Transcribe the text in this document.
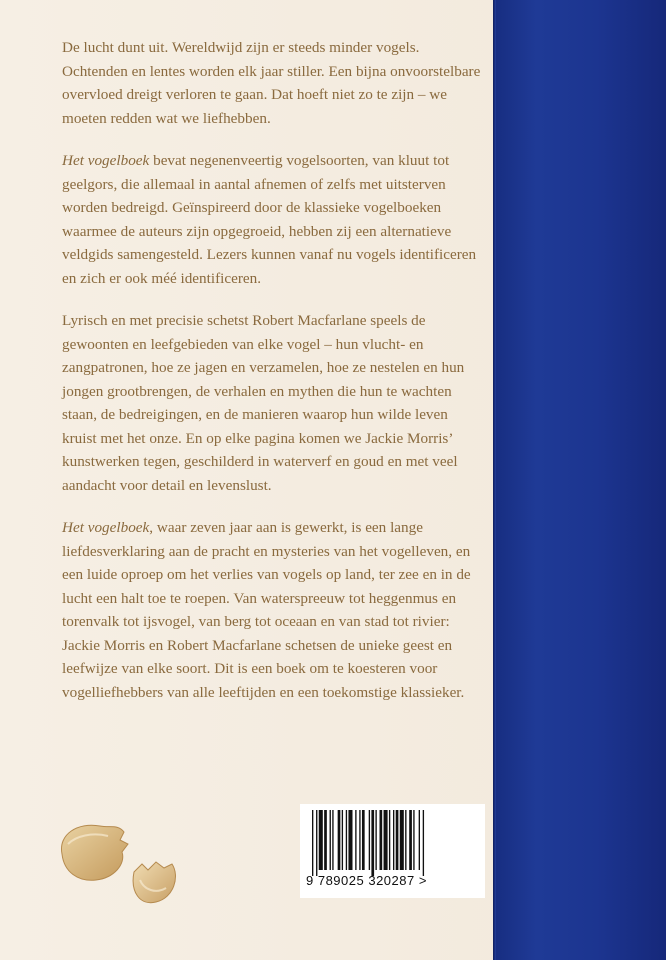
De lucht dunt uit. Wereldwijd zijn er steeds minder vogels. Ochtenden en lentes worden elk jaar stiller. Een bijna onvoorstelbare overvloed dreigt verloren te gaan. Dat hoeft niet zo te zijn – we moeten redden wat we liefhebben.

Het vogelboek bevat negenenveertig vogelsoorten, van kluut tot geelgors, die allemaal in aantal afnemen of zelfs met uitsterven worden bedreigd. Geïnspireerd door de klassieke vogelboeken waarmee de auteurs zijn opgegroeid, hebben zij een alternatieve veldgids samengesteld. Lezers kunnen vanaf nu vogels identificeren en zich er ook méé identificeren.

Lyrisch en met precisie schetst Robert Macfarlane speels de gewoonten en leefgebieden van elke vogel – hun vlucht- en zangpatronen, hoe ze jagen en verzamelen, hoe ze nestelen en hun jongen grootbrengen, de verhalen en mythen die hun te wachten staan, de bedreigingen, en de manieren waarop hun wilde leven kruist met het onze. En op elke pagina komen we Jackie Morris’ kunstwerken tegen, geschilderd in waterverf en goud en met veel aandacht voor detail en levenslust.

Het vogelboek, waar zeven jaar aan is gewerkt, is een lange liefdesverklaring aan de pracht en mysteries van het vogelleven, en een luide oproep om het verlies van vogels op land, ter zee en in de lucht een halt toe te roepen. Van waterspreeuw tot heggenmus en torenvalk tot ijsvogel, van berg tot oceaan en van stad tot rivier: Jackie Morris en Robert Macfarlane schetsen de unieke geest en leefwijze van elke soort. Dit is een boek om te koesteren voor vogelliefhebbers van alle leeftijden en een toekomstige klassieker.

9 789025 320287 >
